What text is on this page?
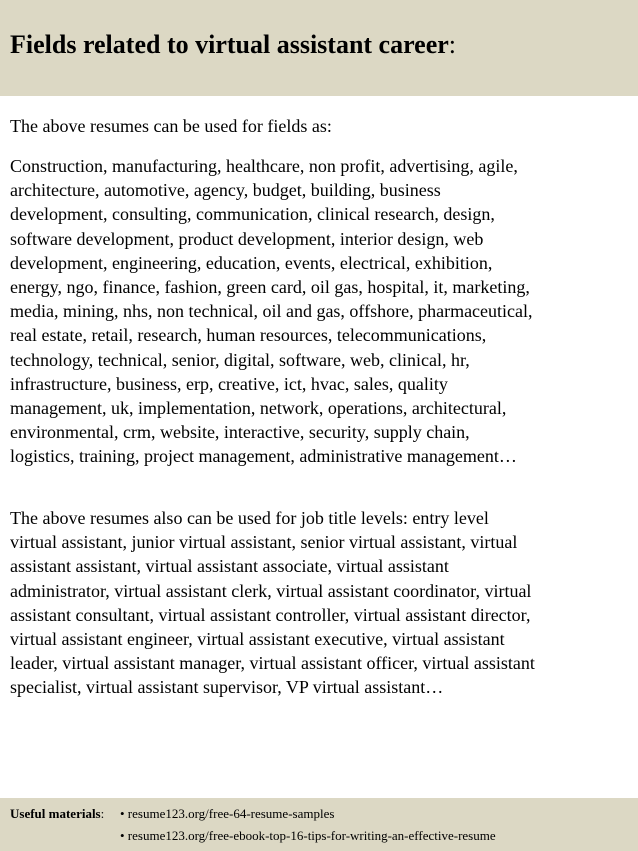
Fields related to virtual assistant career:

The above resumes can be used for fields as:

Construction, manufacturing, healthcare, non profit, advertising, agile,
architecture, automotive, agency, budget, building, business
development, consulting, communication, clinical research, design,
software development, product development, interior design, web
development, engineering, education, events, electrical, exhibition,
energy, ngo, finance, fashion, green card, oil gas, hospital, it, marketing,
media, mining, nhs, non technical, oil and gas, offshore, pharmaceutical,
real estate, retail, research, human resources, telecommunications,
technology, technical, senior, digital, software, web, clinical, hr,
infrastructure, business, erp, creative, ict, hvac, sales, quality
management, uk, implementation, network, operations, architectural,
environmental, crm, website, interactive, security, supply chain,
logistics, training, project management, administrative management…

The above resumes also can be used for job title levels: entry level
virtual assistant, junior virtual assistant, senior virtual assistant, virtual
assistant assistant, virtual assistant associate, virtual assistant
administrator, virtual assistant clerk, virtual assistant coordinator, virtual
assistant consultant, virtual assistant controller, virtual assistant director,
virtual assistant engineer, virtual assistant executive, virtual assistant
leader, virtual assistant manager, virtual assistant officer, virtual assistant
specialist, virtual assistant supervisor, VP virtual assistant…

Useful materials: • resume123.org/free-64-resume-samples
• resume123.org/free-ebook-top-16-tips-for-writing-an-effective-resume
